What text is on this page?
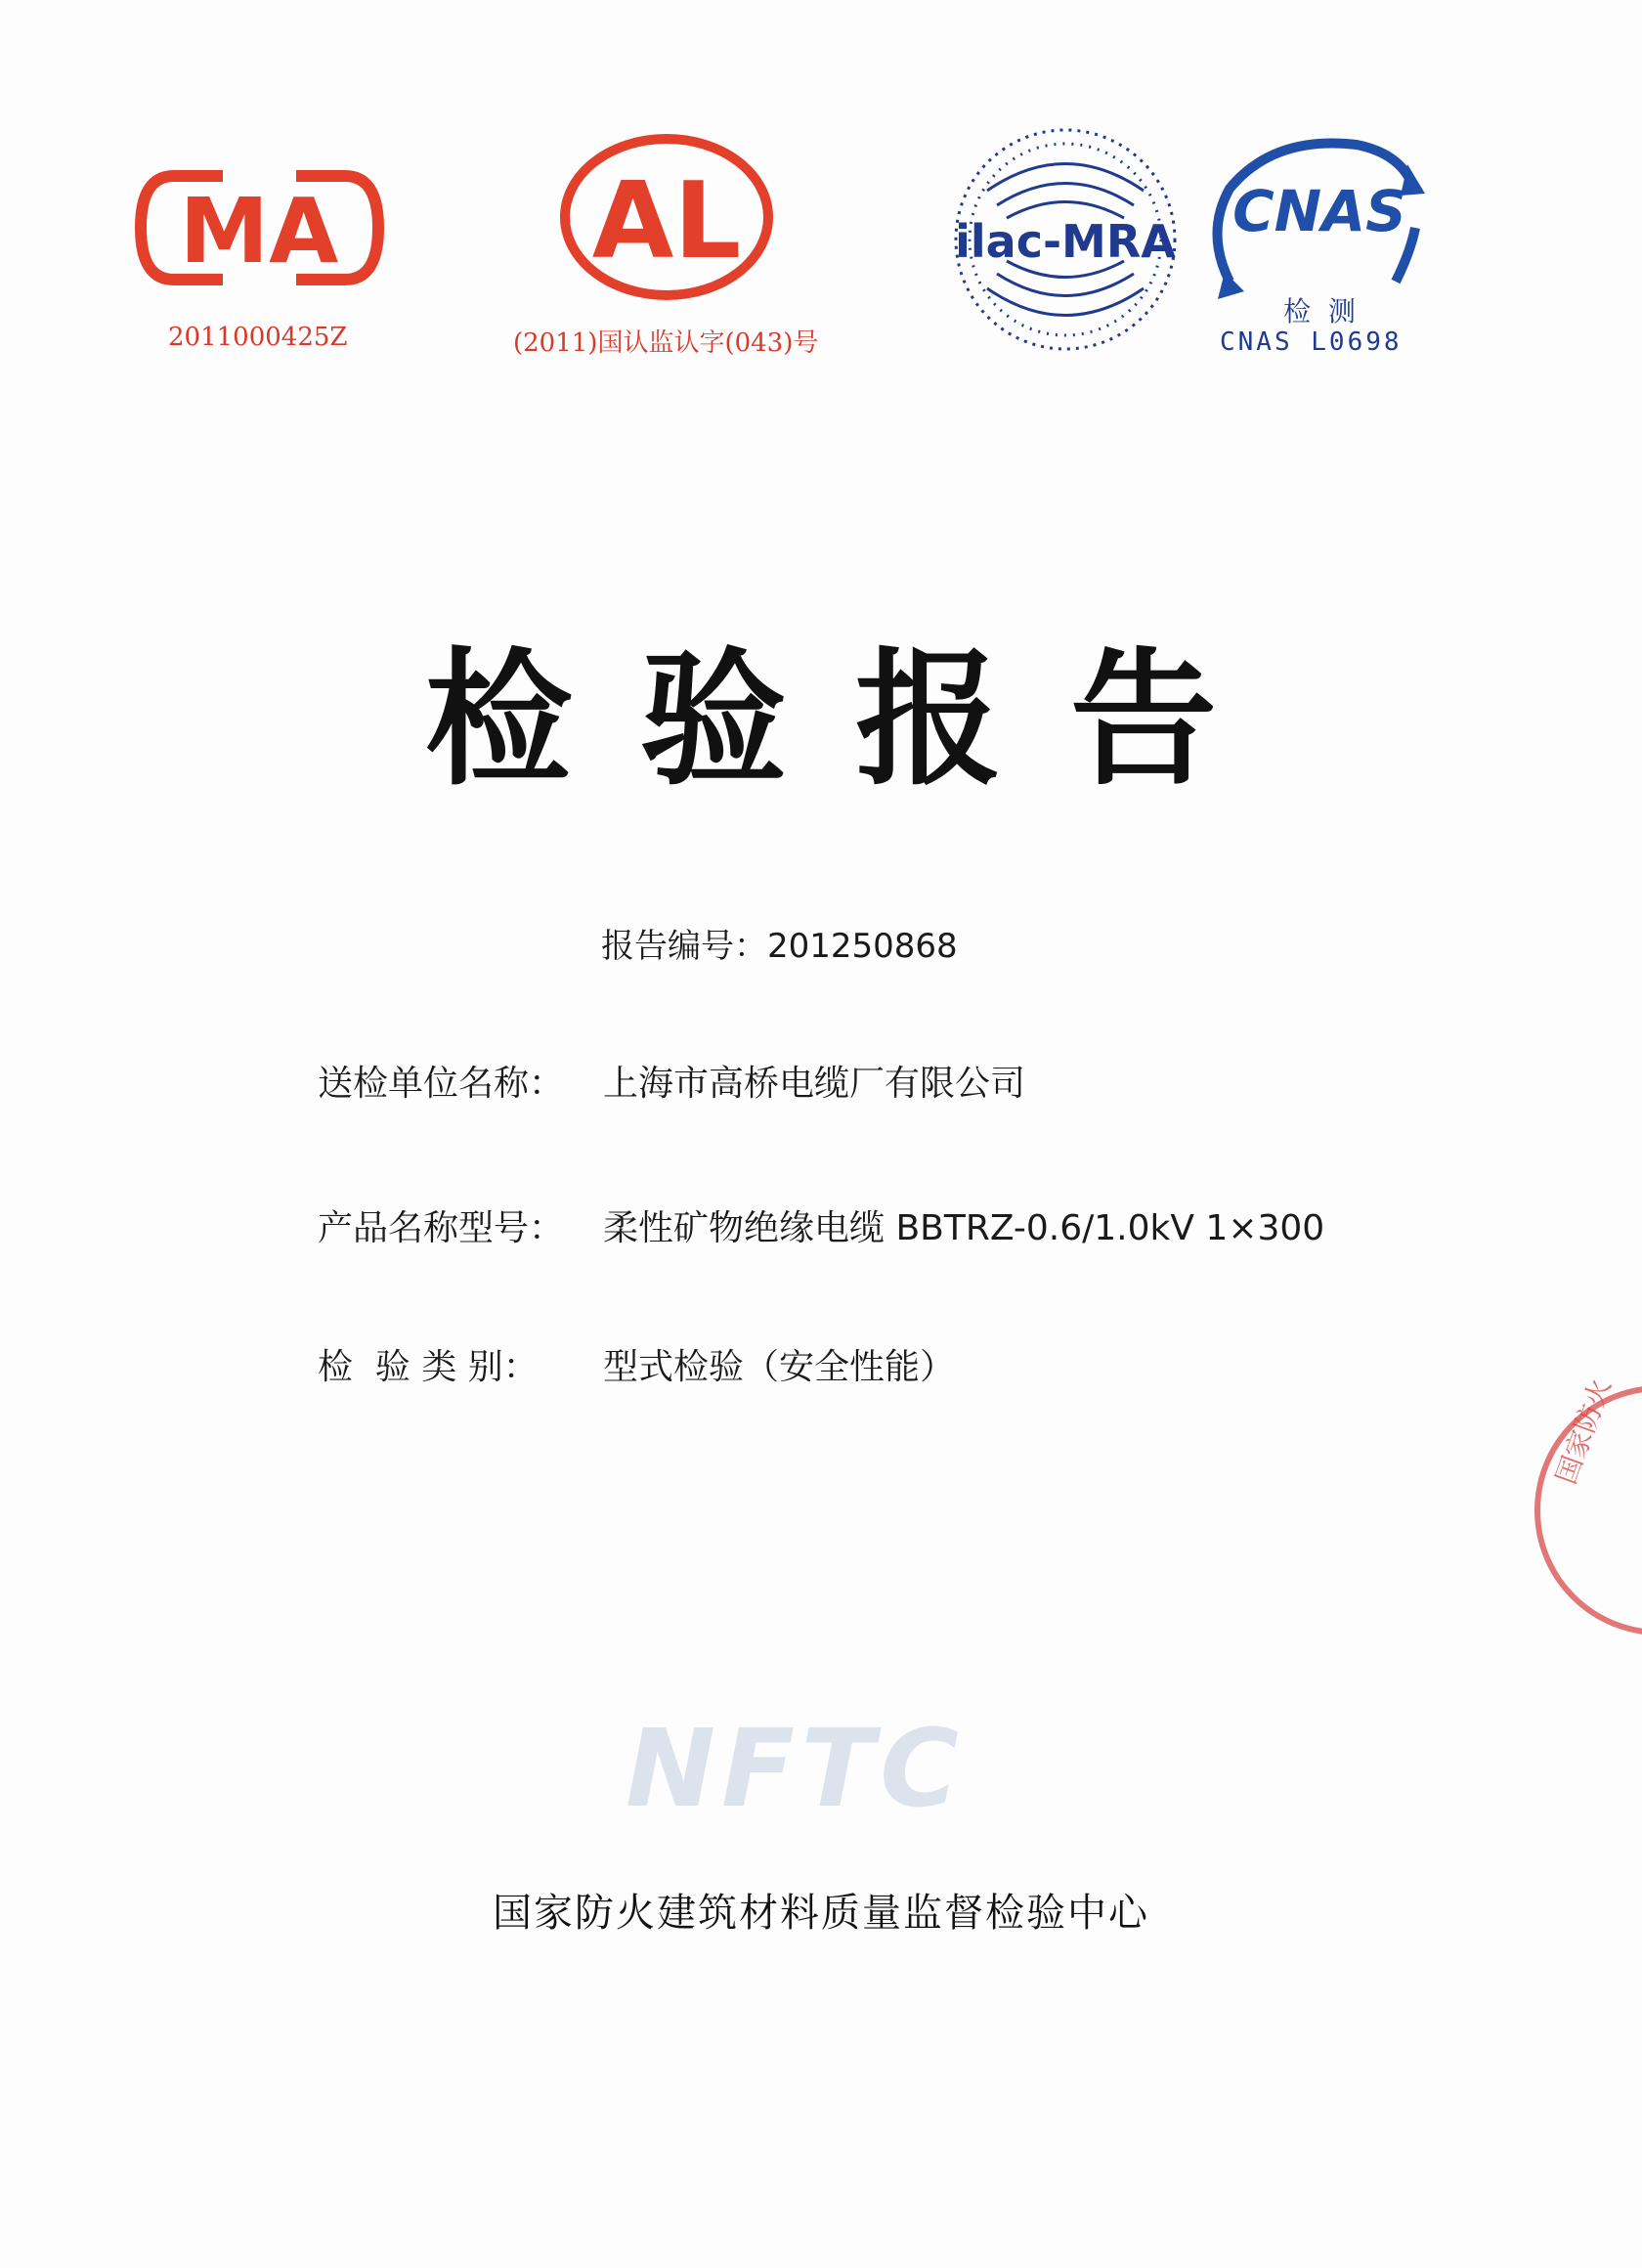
MA
2011000425Z
AL
(2011)国认监认字(043)号
ilac-MRA CNAS
检  测
CNAS L0698
检验报告
报告编号：201250868
送检单位名称： 上海市高桥电缆厂有限公司
产品名称型号： 柔性矿物绝缘电缆 BBTRZ-0.6/1.0kV 1×300
检  验 类 别： 型式检验（安全性能）
NFTC
国家防火建筑材料质量监督检验中心
国家防火
